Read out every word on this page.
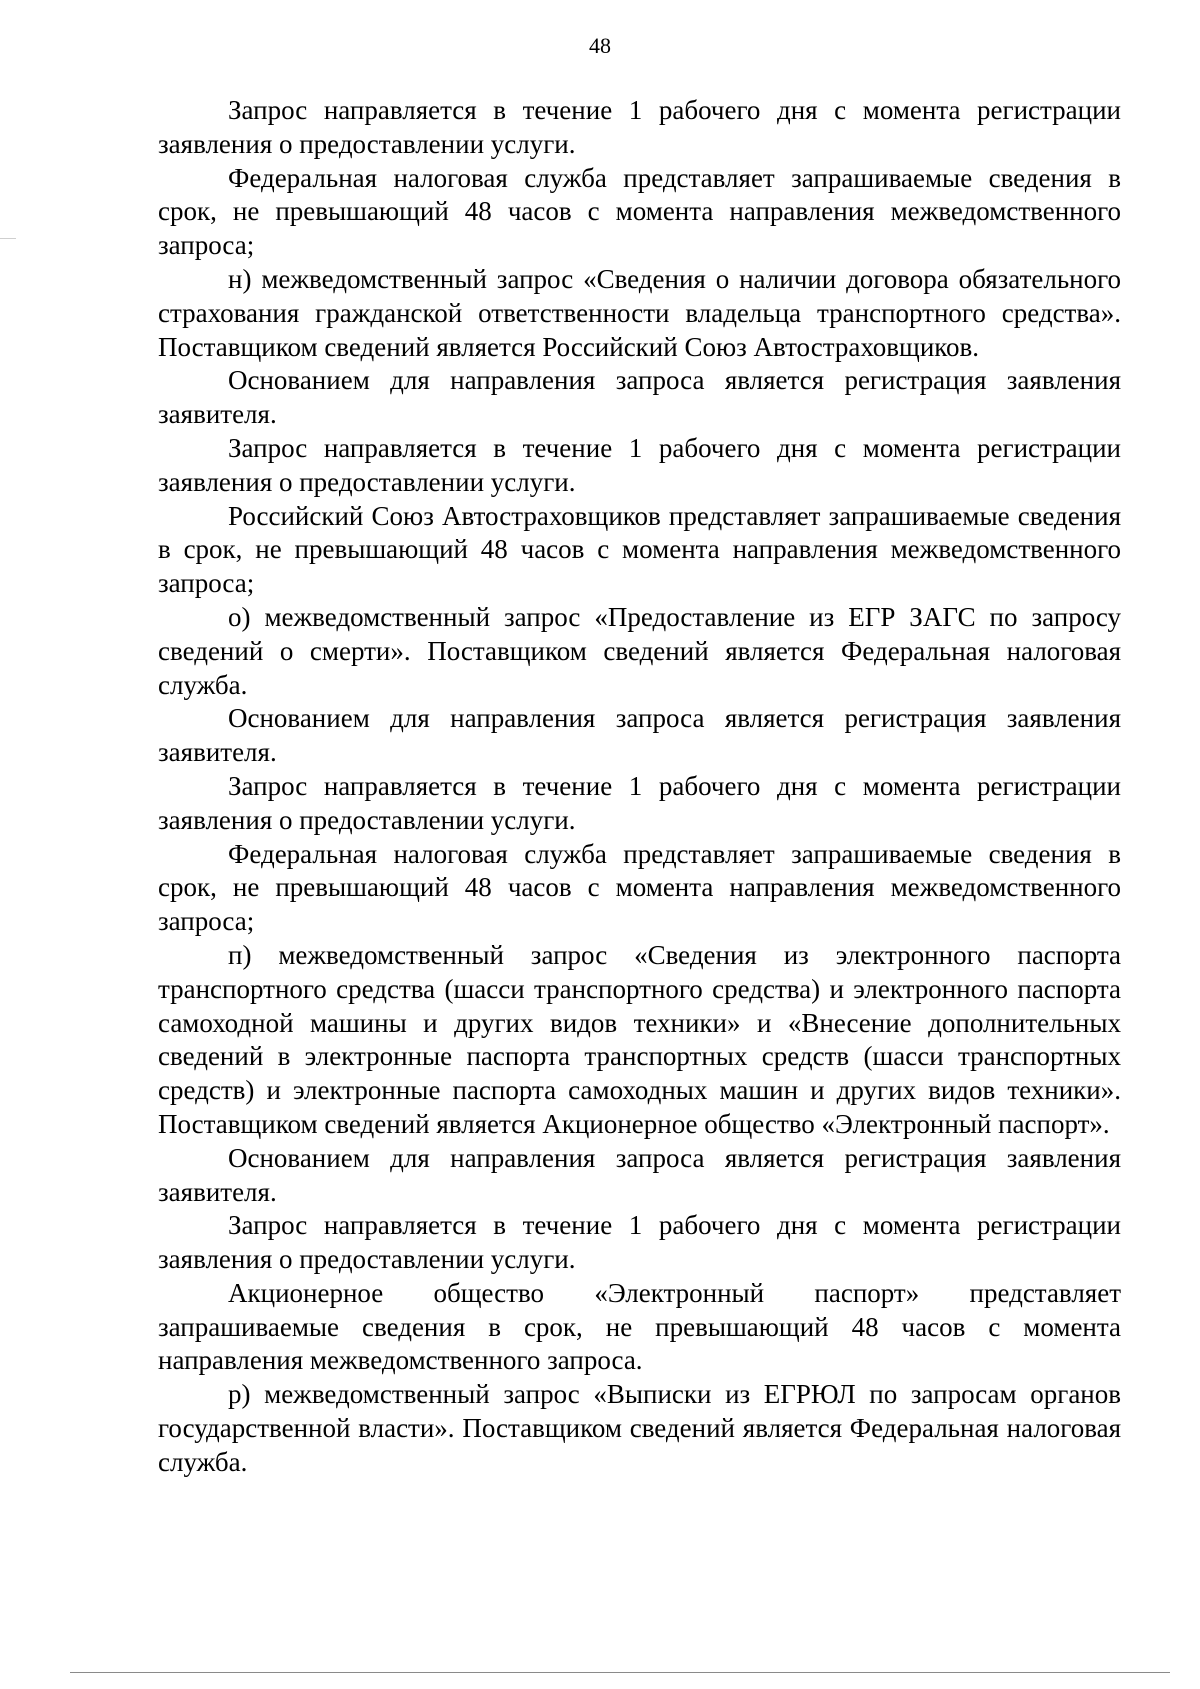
48

Запрос направляется в течение 1 рабочего дня с момента регистрации заявления о предоставлении услуги.

Федеральная налоговая служба представляет запрашиваемые сведения в срок, не превышающий 48 часов с момента направления межведомственного запроса;

н) межведомственный запрос «Сведения о наличии договора обязательного страхования гражданской ответственности владельца транспортного средства». Поставщиком сведений является Российский Союз Автостраховщиков.

Основанием для направления запроса является регистрация заявления заявителя.

Запрос направляется в течение 1 рабочего дня с момента регистрации заявления о предоставлении услуги.

Российский Союз Автостраховщиков представляет запрашиваемые сведения в срок, не превышающий 48 часов с момента направления межведомственного запроса;

о) межведомственный запрос «Предоставление из ЕГР ЗАГС по запросу сведений о смерти». Поставщиком сведений является Федеральная налоговая служба.

Основанием для направления запроса является регистрация заявления заявителя.

Запрос направляется в течение 1 рабочего дня с момента регистрации заявления о предоставлении услуги.

Федеральная налоговая служба представляет запрашиваемые сведения в срок, не превышающий 48 часов с момента направления межведомственного запроса;

п) межведомственный запрос «Сведения из электронного паспорта транспортного средства (шасси транспортного средства) и электронного паспорта самоходной машины и других видов техники» и «Внесение дополнительных сведений в электронные паспорта транспортных средств (шасси транспортных средств) и электронные паспорта самоходных машин и других видов техники». Поставщиком сведений является Акционерное общество «Электронный паспорт».

Основанием для направления запроса является регистрация заявления заявителя.

Запрос направляется в течение 1 рабочего дня с момента регистрации заявления о предоставлении услуги.

Акционерное общество «Электронный паспорт» представляет запрашиваемые сведения в срок, не превышающий 48 часов с момента направления межведомственного запроса.

р) межведомственный запрос «Выписки из ЕГРЮЛ по запросам органов государственной власти». Поставщиком сведений является Федеральная налоговая служба.
